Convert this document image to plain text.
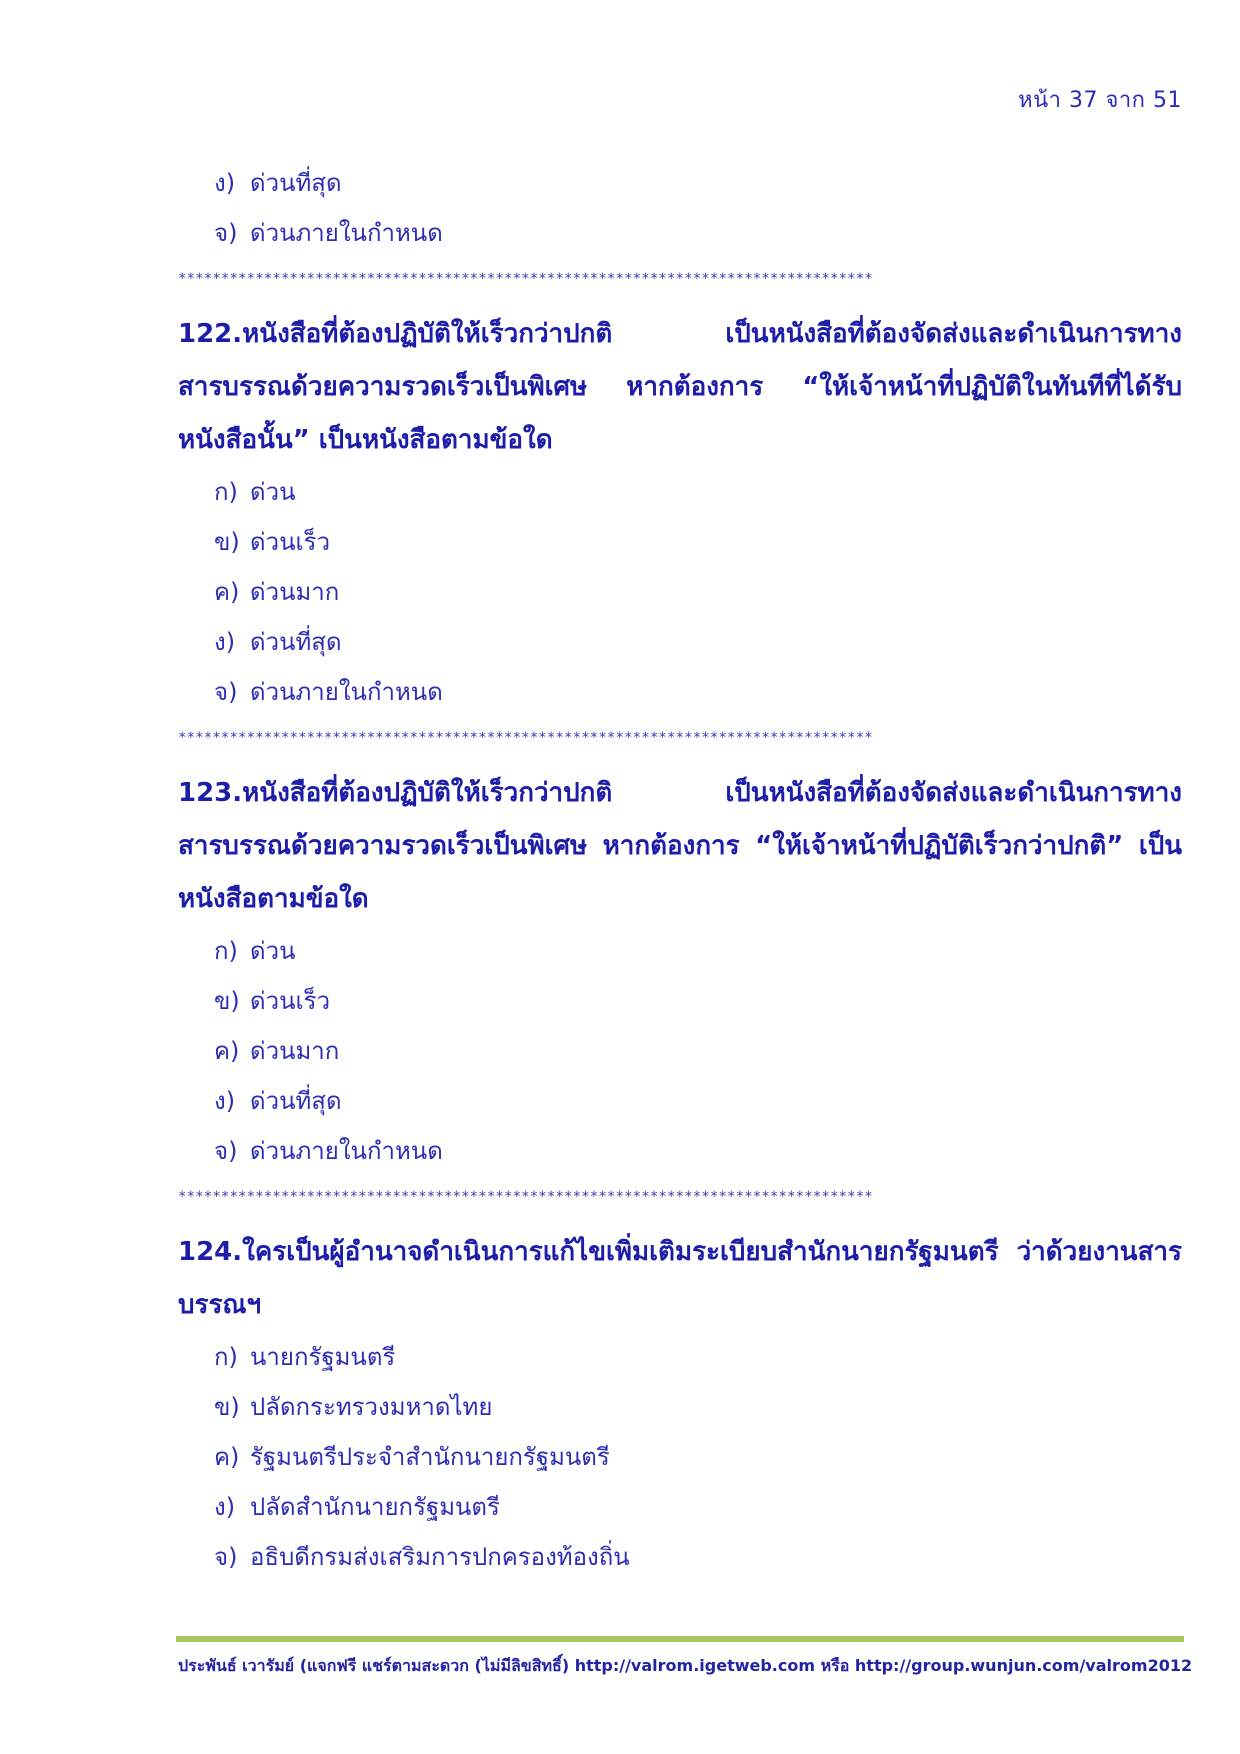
หน้า 37 จาก 51
ง) ด่วนที่สุด
จ) ด่วนภายในกำหนด
*********************************************************************************
122.หนังสือที่ต้องปฏิบัติให้เร็วกว่าปกติ เป็นหนังสือที่ต้องจัดส่งและดำเนินการทางสารบรรณด้วยความรวดเร็วเป็นพิเศษ หากต้องการ “ให้เจ้าหน้าที่ปฏิบัติในทันทีที่ได้รับหนังสือนั้น” เป็นหนังสือตามข้อใด
ก) ด่วน
ข) ด่วนเร็ว
ค) ด่วนมาก
ง) ด่วนที่สุด
จ) ด่วนภายในกำหนด
*********************************************************************************
123.หนังสือที่ต้องปฏิบัติให้เร็วกว่าปกติ เป็นหนังสือที่ต้องจัดส่งและดำเนินการทางสารบรรณด้วยความรวดเร็วเป็นพิเศษ หากต้องการ “ให้เจ้าหน้าที่ปฏิบัติเร็วกว่าปกติ” เป็นหนังสือตามข้อใด
ก) ด่วน
ข) ด่วนเร็ว
ค) ด่วนมาก
ง) ด่วนที่สุด
จ) ด่วนภายในกำหนด
*********************************************************************************
124.ใครเป็นผู้อำนาจดำเนินการแก้ไขเพิ่มเติมระเบียบสำนักนายกรัฐมนตรี ว่าด้วยงานสารบรรณฯ
ก) นายกรัฐมนตรี
ข) ปลัดกระทรวงมหาดไทย
ค) รัฐมนตรีประจำสำนักนายกรัฐมนตรี
ง) ปลัดสำนักนายกรัฐมนตรี
จ) อธิบดีกรมส่งเสริมการปกครองท้องถิ่น
ประพันธ์ เวารัมย์ (แจกฟรี แชร์ตามสะดวก (ไม่มีลิขสิทธิ์) http://valrom.igetweb.com หรือ http://group.wunjun.com/valrom2012
